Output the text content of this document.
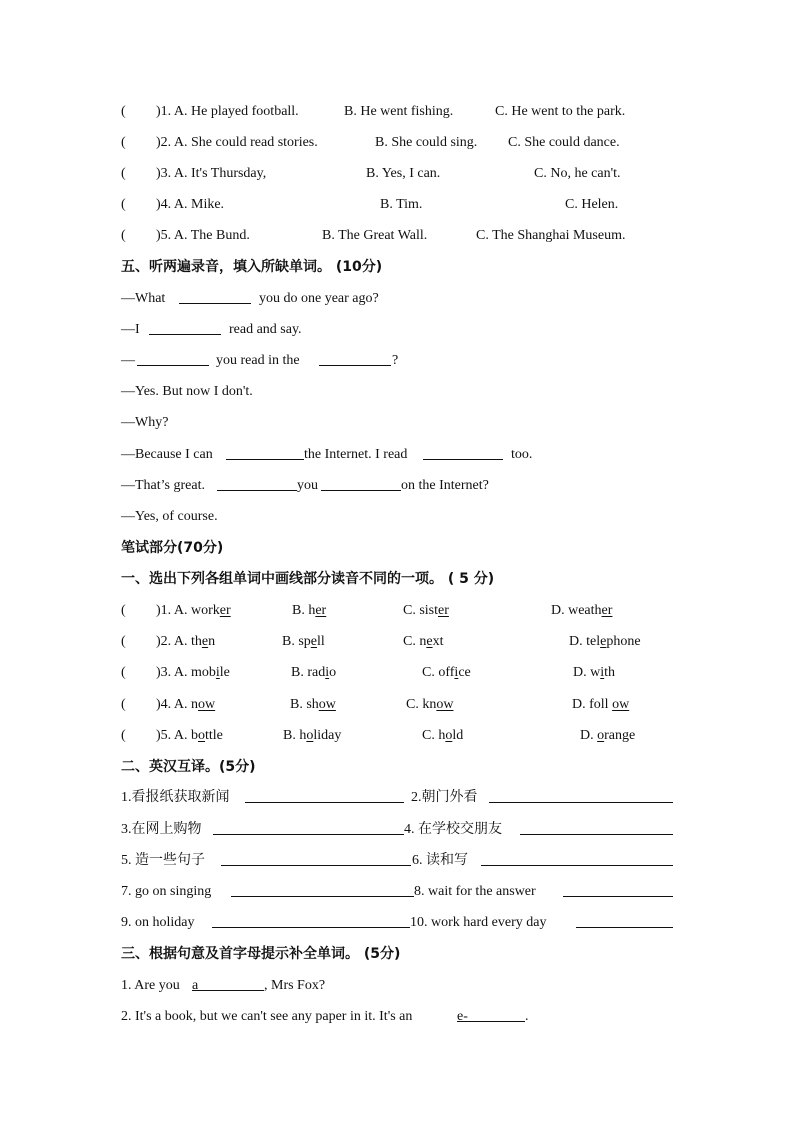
( )1. A. He played football.	B. He went fishing.	C. He went to the park.
( )2. A. She could read stories.	B. She could sing. C. She could dance.
( )3. A. It's Thursday,	B. Yes, I can.	C. No, he can't.
( )4. A. Mike.	B. Tim.	C. Helen.
( )5. A. The Bund.	B. The Great Wall.	C. The Shanghai Museum.
五、听两遍录音，填入所缺单词。 (10分)
—What	you do one year ago?
—I	read and say.
—	you read in the	?
—Yes. But now I don't.
—Why?
—Because I can	the Internet. I read	too.
—That’s great.	you	on the Internet?
—Yes, of course.
笔试部分(70分)
一、选出下列各组单词中画线部分读音不同的一项。 ( 5 分)
( )1. A. worker	B. her	C. sister	D. weather
( )2. A. then	B. spell	C. next	D. telephone
( )3. A. mobile	B. radio	C. office	D. with
( )4. A. now	B. show	C. know	D. foll ow
( )5. A. bottle	B. holiday	C. hold	D. orange
二、英汉互译。(5分)
1.看报纸获取新闻	2.朝门外看
3.在网上购物	4. 在学校交朋友
5. 造一些句子	6. 读和写
7. go on singing	8. wait for the answer
9. on holiday	10. work hard every day
三、根据句意及首字母提示补全单词。 (5分)
1. Are you a	, Mrs Fox?
2. It's a book, but we can't see any paper in it. It's an	e-	.
